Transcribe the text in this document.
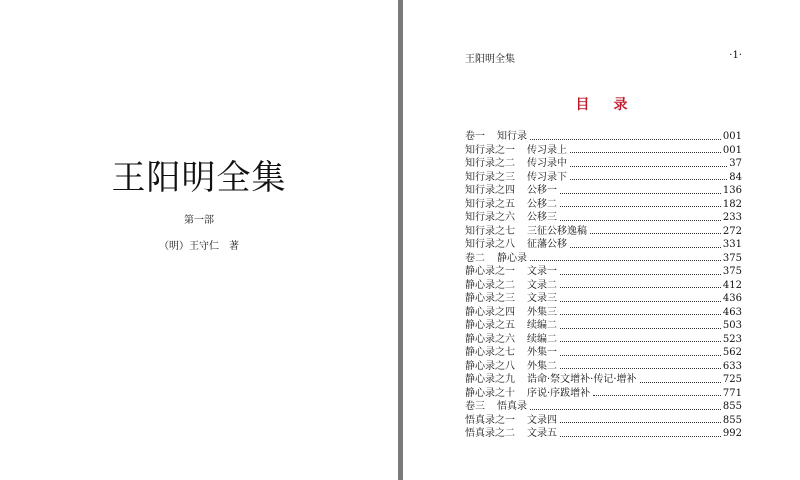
王阳明全集
第一部
（明）王守仁　著
王阳明全集	·1·
目 录
卷一 知行录	001
知行录之一 传习录上	001
知行录之二 传习录中	37
知行录之三 传习录下	84
知行录之四 公移一	136
知行录之五 公移二	182
知行录之六 公移三	233
知行录之七 三征公移逸稿	272
知行录之八 征藩公移	331
卷二 静心录	375
静心录之一 文录一	375
静心录之二 文录二	412
静心录之三 文录三	436
静心录之四 外集三	463
静心录之五 续编二	503
静心录之六 续编二	523
静心录之七 外集一	562
静心录之八 外集二	633
静心录之九 诰命·祭文增补·传记·增补	725
静心录之十 序说·序跋增补	771
卷三 悟真录	855
悟真录之一 文录四	855
悟真录之二 文录五	992
